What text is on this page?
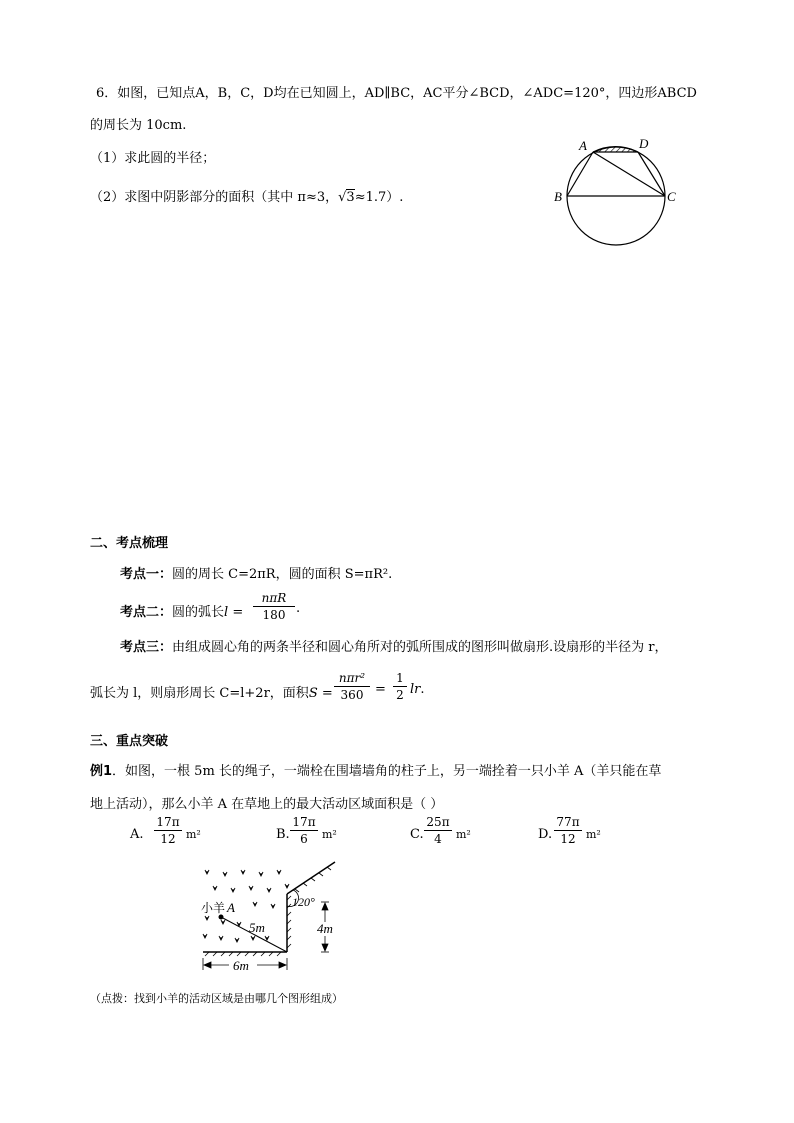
6．如图，已知点A，B，C，D均在已知圆上，AD∥BC，AC平分∠BCD，∠ADC=120°，四边形ABCD
的周长为 10cm.
（1）求此圆的半径；
（2）求图中阴影部分的面积（其中 π≈3，√3≈1.7）.
A	D
B	C
二、考点梳理
考点一：圆的周长 C=2πR，圆的面积 S=πR².
考点二：圆的弧长l =
nπR
180 .
考点三：由组成圆心角的两条半径和圆心角所对的弧所围成的图形叫做扇形.设扇形的半径为 r，
弧长为 l，则扇形周长 C=l+2r，面积S =
nπr²
$360 = \frac{1}{2}$ lr.
三、重点突破
例1．如图，一根 5m 长的绳子，一端栓在围墙墙角的柱子上，另一端拴着一只小羊 A（羊只能在草
地上活动），那么小羊 A 在草地上的最大活动区域面积是（ ）
A. $\frac{17\pi}{12} m^2$	B. $\frac{17\pi}{6} m^2$	C. $\frac{25\pi}{4} m^2$	D. $\frac{77\pi}{12} m^2$
小羊 A
5m
120°
4m
6m
（点拨：找到小羊的活动区域是由哪几个图形组成）
